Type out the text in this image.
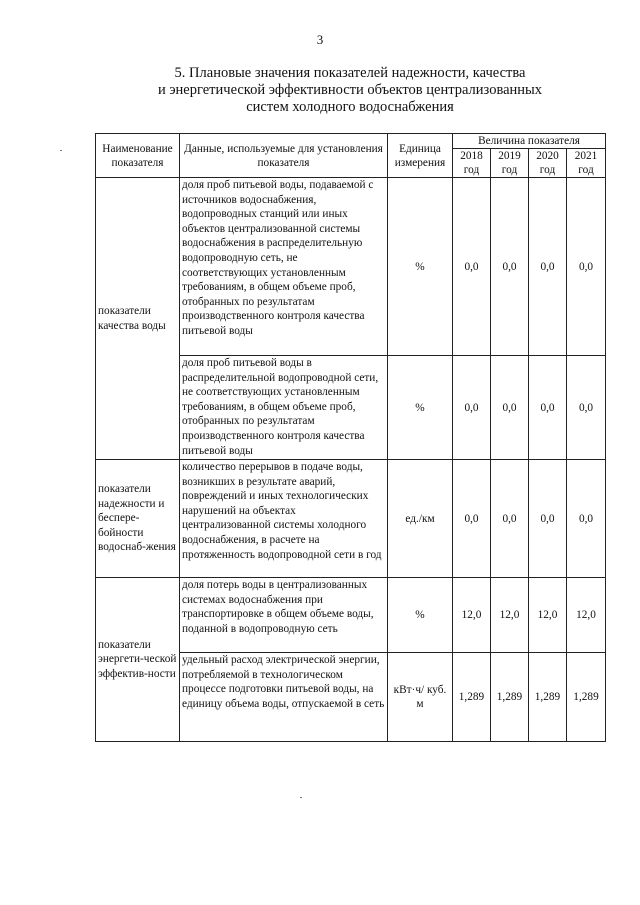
3
5. Плановые значения показателей надежности, качества
и энергетической эффективности объектов централизованных
систем холодного водоснабжения
Наименование показателя	Данные, используемые для установления показателя	Единица измерения	Величина показателя			
			2018 год	2019 год	2020 год	2021 год
показатели качества воды	доля проб питьевой воды, подаваемой с источников водоснабжения, водопроводных станций или иных объектов централизованной системы водоснабжения в распределительную водопроводную сеть, не соответствующих установленным требованиям, в общем объеме проб, отобранных по результатам производственного контроля качества питьевой воды	%	0,0	0,0	0,0	0,0
	доля проб питьевой воды в распределительной водопроводной сети, не соответствующих установленным требованиям, в общем объеме проб, отобранных по результатам производственного контроля качества питьевой воды	%	0,0	0,0	0,0	0,0
показатели надежности и беспере-бойности водоснаб-жения	количество перерывов в подаче воды, возникших в результате аварий, повреждений и иных технологических нарушений на объектах централизованной системы холодного водоснабжения, в расчете на протяженность водопроводной сети в год	ед./км	0,0	0,0	0,0	0,0
показатели энергети-ческой эффектив-ности	доля потерь воды в централизованных системах водоснабжения при транспортировке в общем объеме воды, поданной в водопроводную сеть	%	12,0	12,0	12,0	12,0
	удельный расход электрической энергии, потребляемой в технологическом процессе подготовки питьевой воды, на единицу объема воды, отпускаемой в сеть	кВт·ч/ куб. м	1,289	1,289	1,289	1,289
